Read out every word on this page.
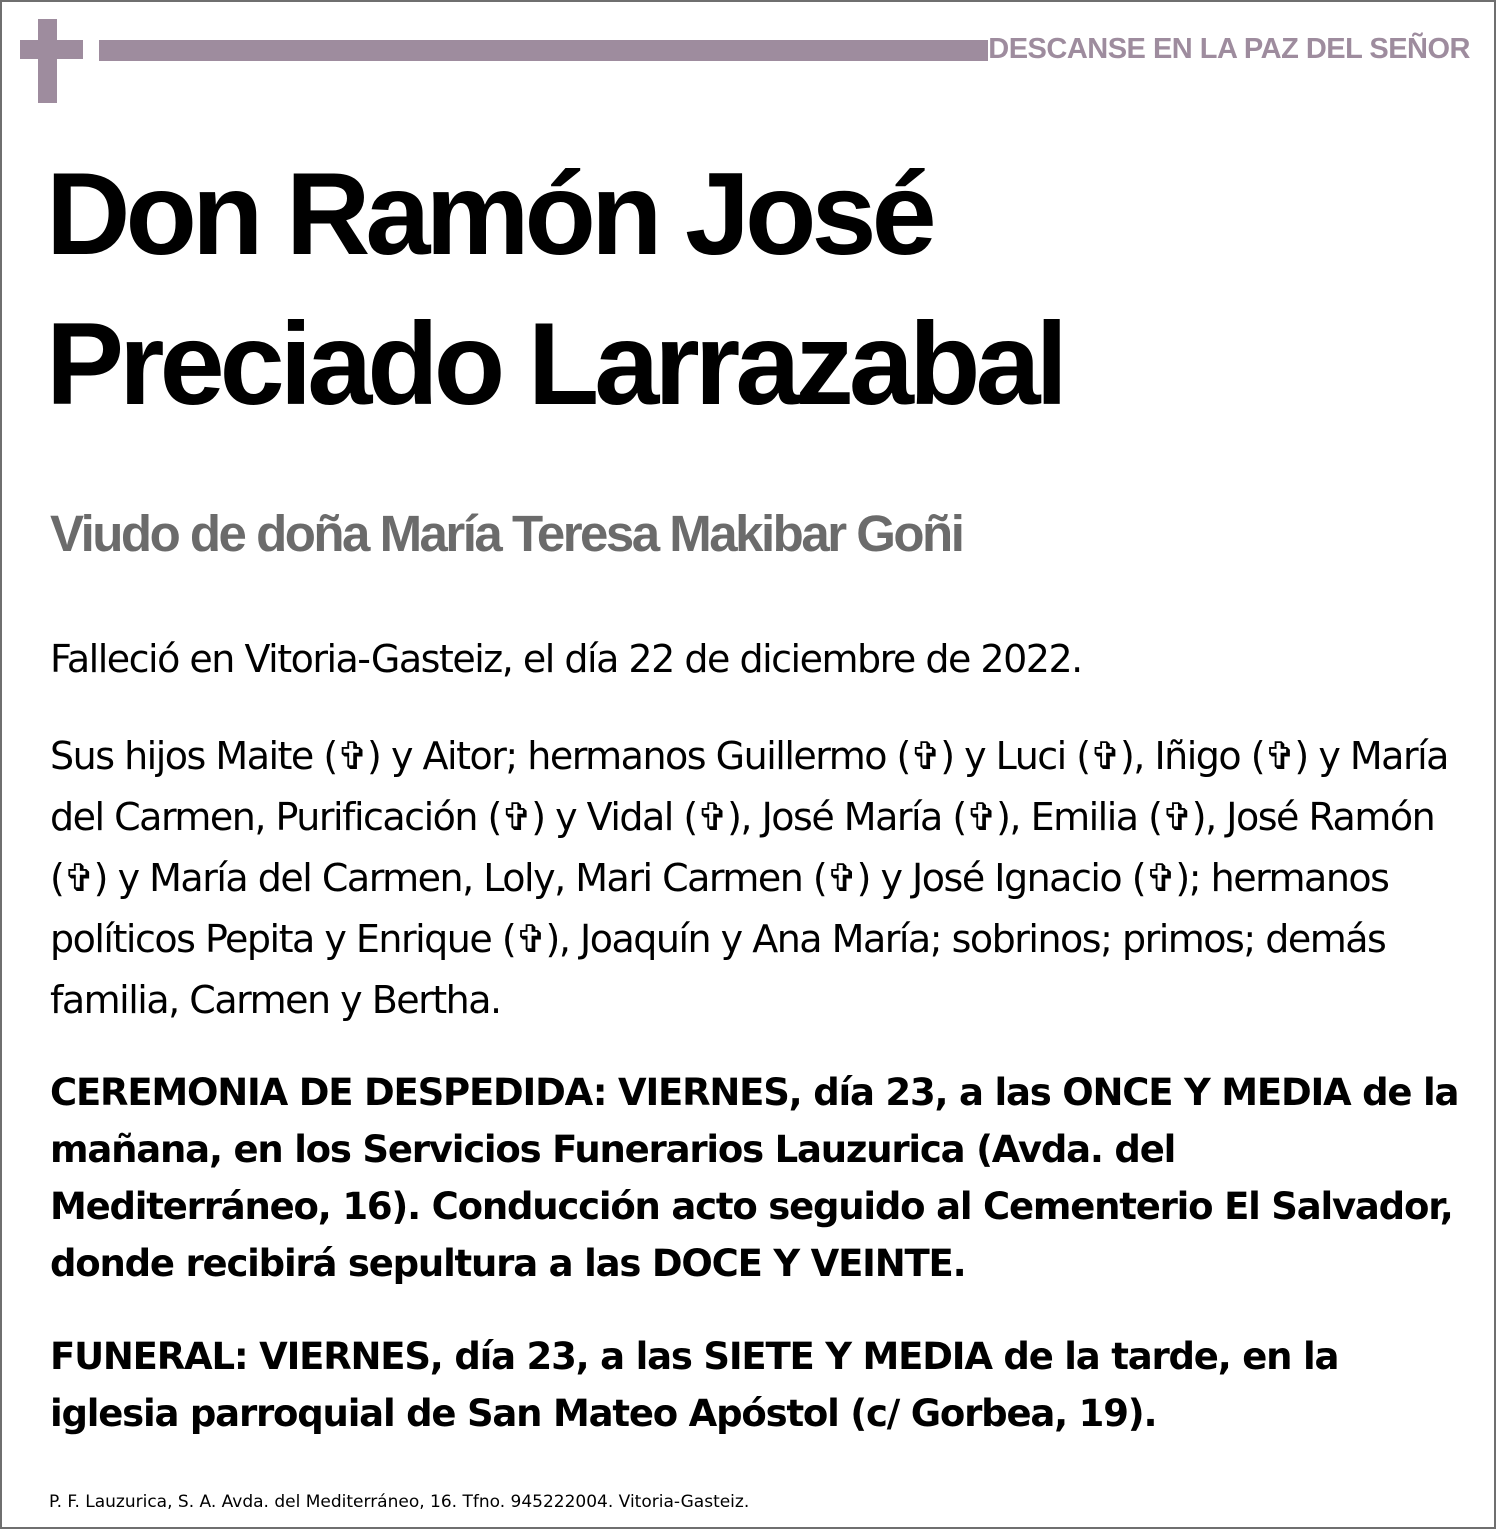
DESCANSE EN LA PAZ DEL SEÑOR
Don Ramón José
Preciado Larrazabal
Viudo de doña María Teresa Makibar Goñi

Falleció en Vitoria-Gasteiz, el día 22 de diciembre de 2022.

Sus hijos Maite (✞) y Aitor; hermanos Guillermo (✞) y Luci (✞), Iñigo (✞) y María del Carmen, Purificación (✞) y Vidal (✞), José María (✞), Emilia (✞), José Ramón (✞) y María del Carmen, Loly, Mari Carmen (✞) y José Ignacio (✞); hermanos políticos Pepita y Enrique (✞), Joaquín y Ana María; sobrinos; primos; demás familia, Carmen y Bertha.

CEREMONIA DE DESPEDIDA: VIERNES, día 23, a las ONCE Y MEDIA de la mañana, en los Servicios Funerarios Lauzurica (Avda. del Mediterráneo, 16). Conducción acto seguido al Cementerio El Salvador, donde recibirá sepultura a las DOCE Y VEINTE.

FUNERAL: VIERNES, día 23, a las SIETE Y MEDIA de la tarde, en la iglesia parroquial de San Mateo Apóstol (c/ Gorbea, 19).

P. F. Lauzurica, S. A. Avda. del Mediterráneo, 16. Tfno. 945222004. Vitoria-Gasteiz.
